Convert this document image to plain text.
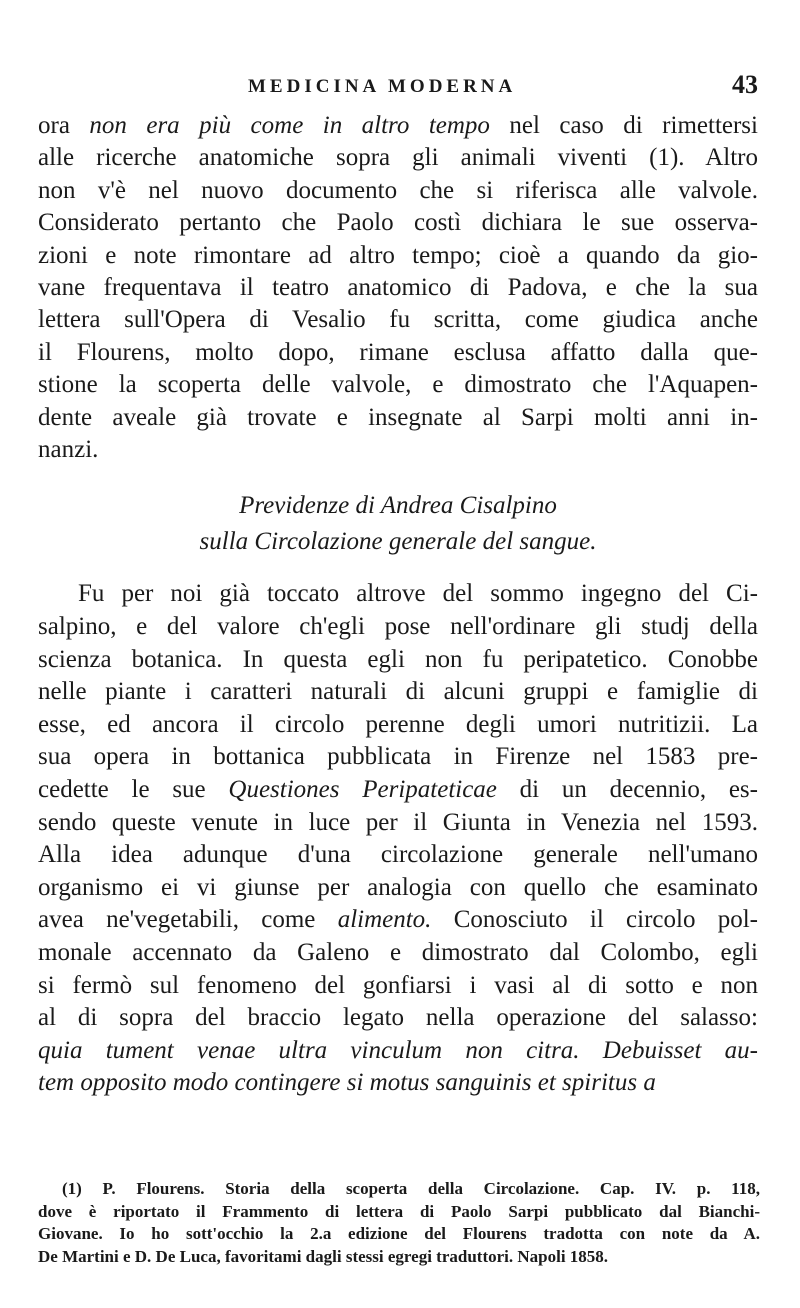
MEDICINA MODERNA	43
ora non era più come in altro tempo nel caso di rimettersi
alle ricerche anatomiche sopra gli animali viventi (1). Altro
non v'è nel nuovo documento che si riferisca alle valvole.
Considerato pertanto che Paolo costì dichiara le sue osserva-
zioni e note rimontare ad altro tempo; cioè a quando da gio-
vane frequentava il teatro anatomico di Padova, e che la sua
lettera sull'Opera di Vesalio fu scritta, come giudica anche
il Flourens, molto dopo, rimane esclusa affatto dalla que-
stione la scoperta delle valvole, e dimostrato che l'Aquapen-
dente aveale già trovate e insegnate al Sarpi molti anni in-
nanzi.
Previdenze di Andrea Cisalpino
sulla Circolazione generale del sangue.
Fu per noi già toccato altrove del sommo ingegno del Ci-
salpino, e del valore ch'egli pose nell'ordinare gli studj della
scienza botanica. In questa egli non fu peripatetico. Conobbe
nelle piante i caratteri naturali di alcuni gruppi e famiglie di
esse, ed ancora il circolo perenne degli umori nutritizii. La
sua opera in bottanica pubblicata in Firenze nel 1583 pre-
cedette le sue Questiones Peripateticae di un decennio, es-
sendo queste venute in luce per il Giunta in Venezia nel 1593.
Alla idea adunque d'una circolazione generale nell'umano
organismo ei vi giunse per analogia con quello che esaminato
avea ne'vegetabili, come alimento. Conosciuto il circolo pol-
monale accennato da Galeno e dimostrato dal Colombo, egli
si fermò sul fenomeno del gonfiarsi i vasi al di sotto e non
al di sopra del braccio legato nella operazione del salasso:
quia tument venae ultra vinculum non citra. Debuisset au-
tem opposito modo contingere si motus sanguinis et spiritus a
(1) P. Flourens. Storia della scoperta della Circolazione. Cap. IV. p. 118,
dove è riportato il Frammento di lettera di Paolo Sarpi pubblicato dal Bianchi-
Giovane. Io ho sott'occhio la 2.a edizione del Flourens tradotta con note da A.
De Martini e D. De Luca, favoritami dagli stessi egregi traduttori. Napoli 1858.
